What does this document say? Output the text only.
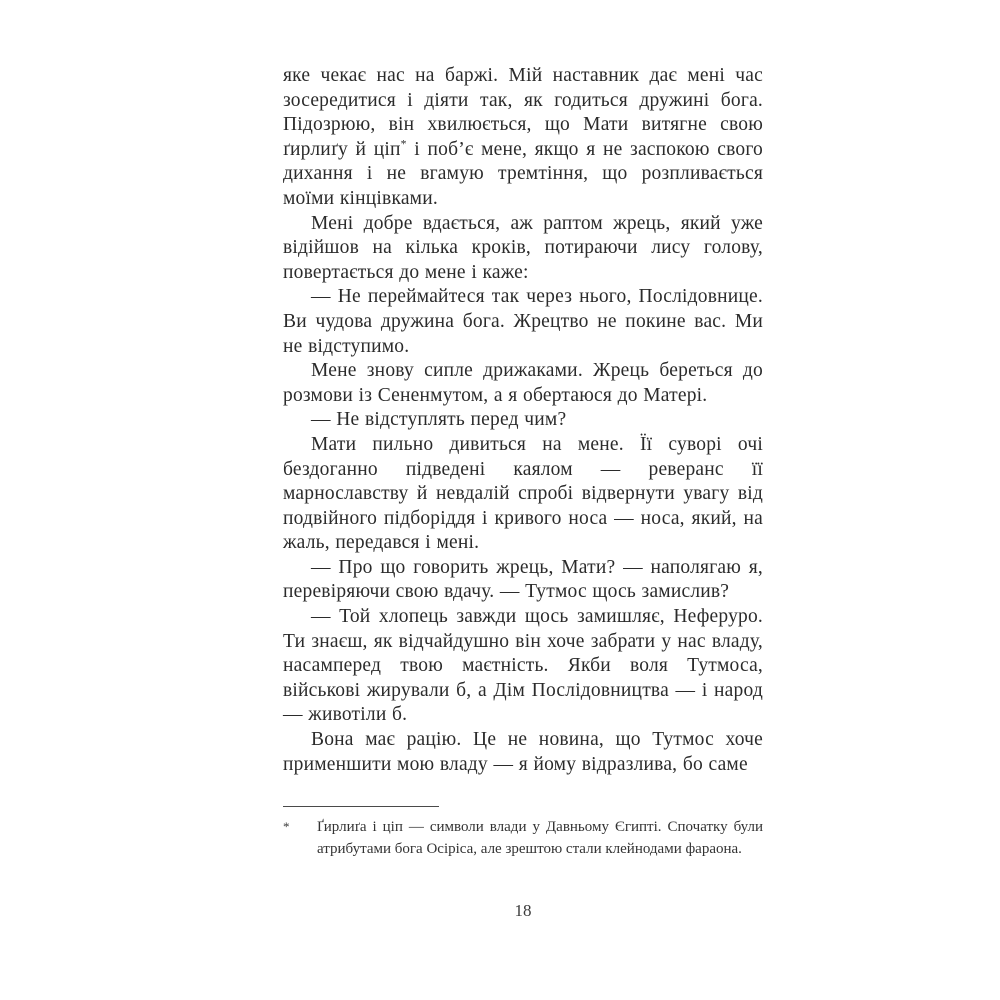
яке чекає нас на баржі. Мій наставник дає мені час зосередитися і діяти так, як годиться дружині бога. Підозрюю, він хвилюється, що Мати витягне свою ґирлиґу й ціп* і поб’є мене, якщо я не заспокою свого дихання і не вгамую тремтіння, що розпливається моїми кінцівками.

Мені добре вдається, аж раптом жрець, який уже відійшов на кілька кроків, потираючи лису голову, повертається до мене і каже:

— Не переймайтеся так через нього, Послідовнице. Ви чудова дружина бога. Жрецтво не покине вас. Ми не відступимо.

Мене знову сипле дрижаками. Жрець береться до розмови із Сененмутом, а я обертаюся до Матері.

— Не відступлять перед чим?

Мати пильно дивиться на мене. Її суворі очі бездоганно підведені каялом — реверанс її марнославству й невдалій спробі відвернути увагу від подвійного підборіддя і кривого носа — носа, який, на жаль, передався і мені.

— Про що говорить жрець, Мати? — наполягаю я, перевіряючи свою вдачу. — Тутмос щось замислив?

— Той хлопець завжди щось замишляє, Неферуро. Ти знаєш, як відчайдушно він хоче забрати у нас владу, насамперед твою маєтність. Якби воля Тутмоса, військові жирували б, а Дім Послідовництва — і народ — животіли б.

Вона має рацію. Це не новина, що Тутмос хоче применшити мою владу — я йому відразлива, бо саме

*	Ґирлиґа і ціп — символи влади у Давньому Єгипті. Спочатку були атрибутами бога Осіріса, але зрештою стали клейнодами фараона.
18
